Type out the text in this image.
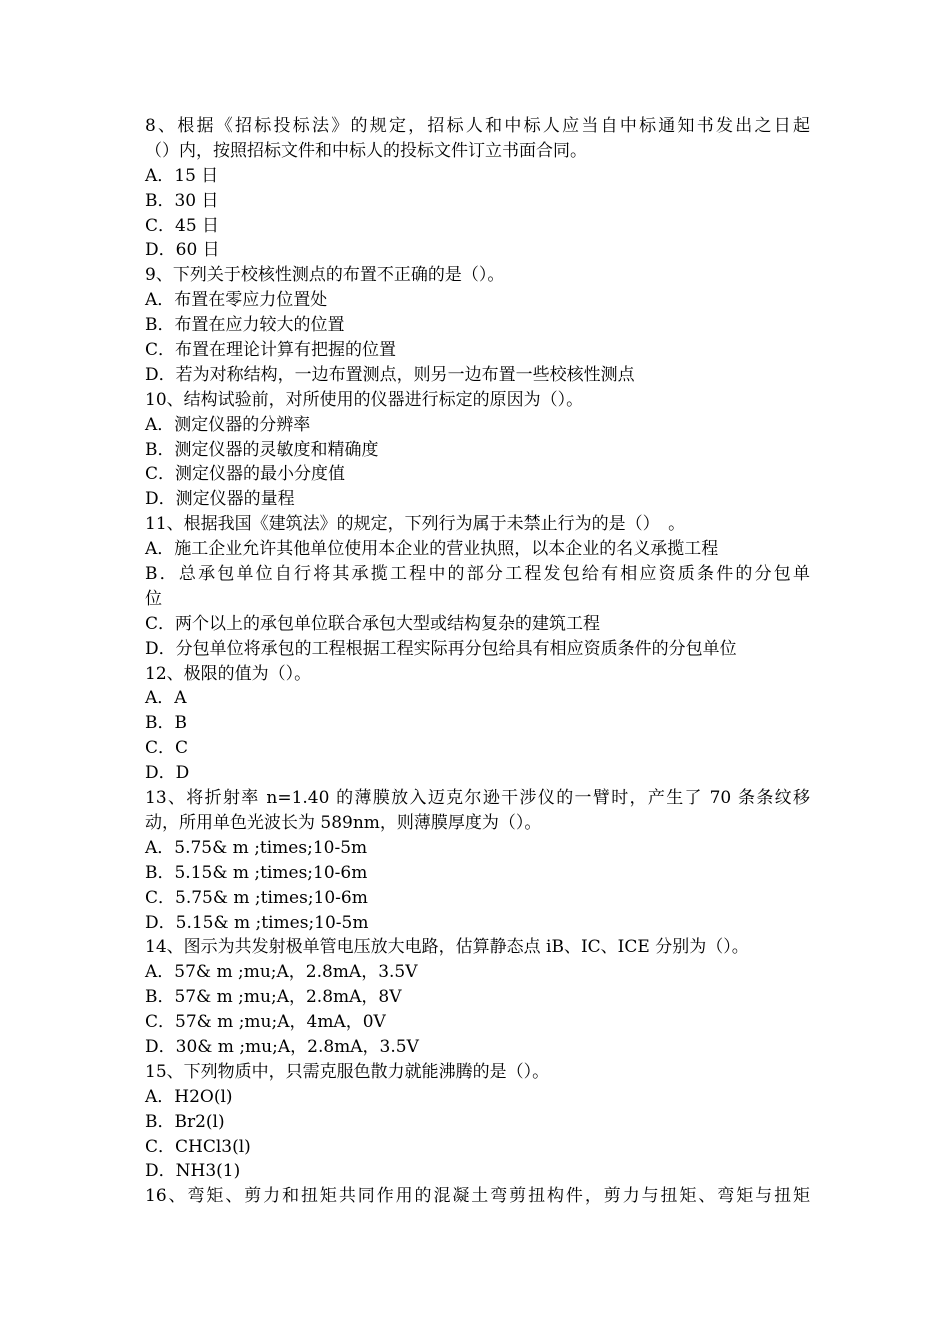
8、根据《招标投标法》的规定，招标人和中标人应当自中标通知书发出之日起
（）内，按照招标文件和中标人的投标文件订立书面合同。
A．15 日
B．30 日
C．45 日
D．60 日
9、下列关于校核性测点的布置不正确的是（）。
A．布置在零应力位置处
B．布置在应力较大的位置
C．布置在理论计算有把握的位置
D．若为对称结构，一边布置测点，则另一边布置一些校核性测点
10、结构试验前，对所使用的仪器进行标定的原因为（）。
A．测定仪器的分辨率
B．测定仪器的灵敏度和精确度
C．测定仪器的最小分度值
D．测定仪器的量程
11、根据我国《建筑法》的规定，下列行为属于未禁止行为的是（）　。
A．施工企业允许其他单位使用本企业的营业执照，以本企业的名义承揽工程
B．总承包单位自行将其承揽工程中的部分工程发包给有相应资质条件的分包单
位
C．两个以上的承包单位联合承包大型或结构复杂的建筑工程
D．分包单位将承包的工程根据工程实际再分包给具有相应资质条件的分包单位
12、极限的值为（）。
A．A
B．B
C．C
D．D
13、将折射率 n=1.40 的薄膜放入迈克尔逊干涉仪的一臂时，产生了 70 条条纹移
动，所用单色光波长为 589nm，则薄膜厚度为（）。
A．5.75& m ;times;10-5m
B．5.15& m ;times;10-6m
C．5.75& m ;times;10-6m
D．5.15& m ;times;10-5m
14、图示为共发射极单管电压放大电路，估算静态点 iB、IC、ICE 分别为（）。
A．57& m ;mu;A，2.8mA，3.5V
B．57& m ;mu;A，2.8mA，8V
C．57& m ;mu;A，4mA，0V
D．30& m ;mu;A，2.8mA，3.5V
15、下列物质中，只需克服色散力就能沸腾的是（）。
A．H2O(l)
B．Br2(l)
C．CHCl3(l)
D．NH3(1)
16、弯矩、剪力和扭矩共同作用的混凝土弯剪扭构件，剪力与扭矩、弯矩与扭矩
